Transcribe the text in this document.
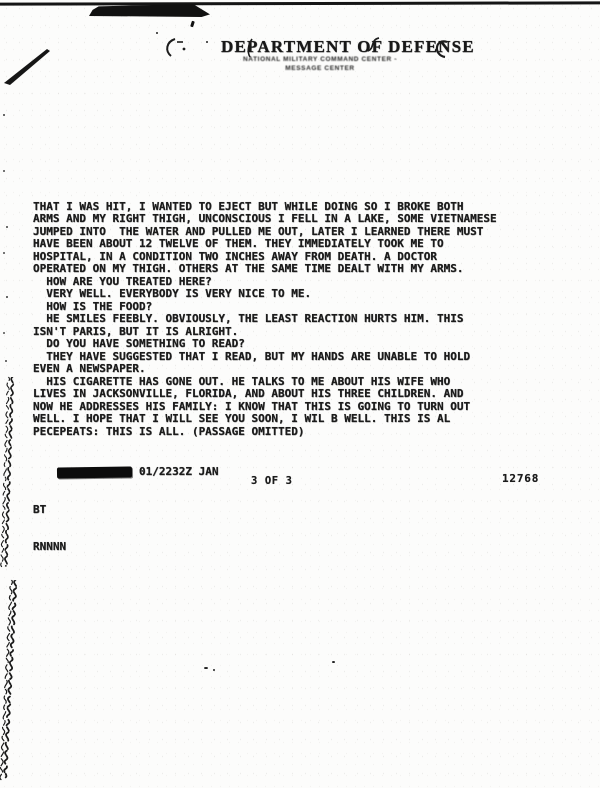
DEPARTMENT OF DEFENSE
NATIONAL MILITARY COMMAND CENTER -
MESSAGE CENTER

THAT I WAS HIT, I WANTED TO EJECT BUT WHILE DOING SO I BROKE BOTH
ARMS AND MY RIGHT THIGH, UNCONSCIOUS I FELL IN A LAKE, SOME VIETNAMESE
JUMPED INTO  THE WATER AND PULLED ME OUT, LATER I LEARNED THERE MUST
HAVE BEEN ABOUT 12 TWELVE OF THEM. THEY IMMEDIATELY TOOK ME TO
HOSPITAL, IN A CONDITION TWO INCHES AWAY FROM DEATH. A DOCTOR
OPERATED ON MY THIGH. OTHERS AT THE SAME TIME DEALT WITH MY ARMS.
HOW ARE YOU TREATED HERE?
VERY WELL. EVERYBODY IS VERY NICE TO ME.
HOW IS THE FOOD?
HE SMILES FEEBLY. OBVIOUSLY, THE LEAST REACTION HURTS HIM. THIS
ISN'T PARIS, BUT IT IS ALRIGHT.
DO YOU HAVE SOMETHING TO READ?
THEY HAVE SUGGESTED THAT I READ, BUT MY HANDS ARE UNABLE TO HOLD
EVEN A NEWSPAPER.
HIS CIGARETTE HAS GONE OUT. HE TALKS TO ME ABOUT HIS WIFE WHO
LIVES IN JACKSONVILLE, FLORIDA, AND ABOUT HIS THREE CHILDREN. AND
NOW HE ADDRESSES HIS FAMILY: I KNOW THAT THIS IS GOING TO TURN OUT
WELL. I HOPE THAT I WILL SEE YOU SOON, I WIL B WELL. THIS IS AL
PECEPEATS: THIS IS ALL. (PASSAGE OMITTED)

01/2232Z JAN

BT

RNNNN

3 OF 3	12768
